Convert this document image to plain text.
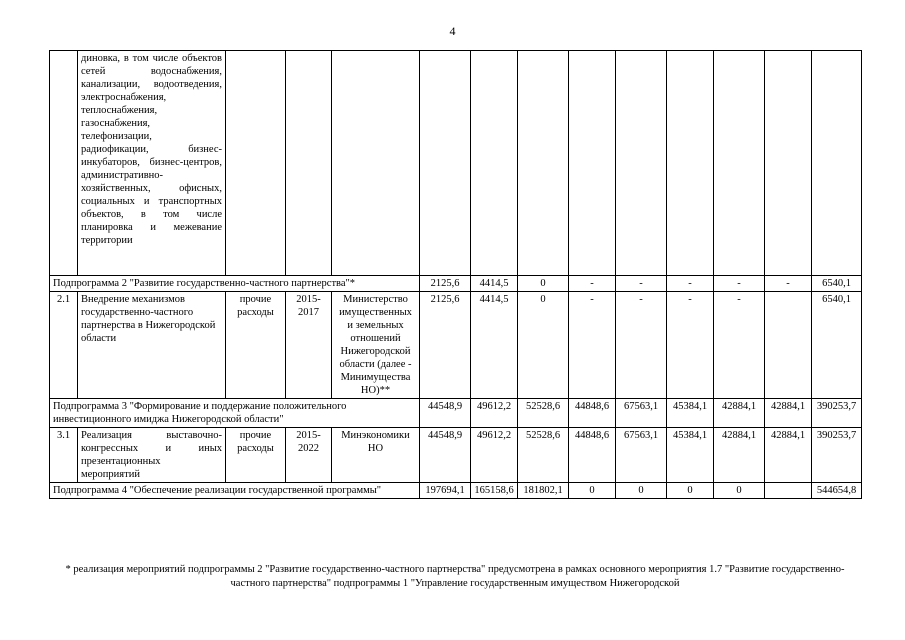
4
	диновка, в том числе объектов сетей водоснабжения, канализации, водоотведения, электроснабжения, теплоснабжения, газоснабжения, телефонизации, радиофикации, бизнес-инкубаторов, бизнес-центров, административно-хозяйственных, офисных, социальных и транспортных объектов, в том числе планировка и межевание территории												
Подпрограмма 2 "Развитие государственно-частного партнерства"*					2125,6	4414,5	0	-	-	-	-	-	6540,1
2.1	Внедрение механизмов государственно-частного партнерства в Нижегородской области	прочие расходы	2015-2017	Министерство имущественных и земельных отношений Нижегородской области (далее - Минимущества НО)**	2125,6	4414,5	0	-	-	-	-		6540,1
Подпрограмма 3 "Формирование и поддержание положительного инвестиционного имиджа Нижегородской области"					44548,9	49612,2	52528,6	44848,6	67563,1	45384,1	42884,1	42884,1	390253,7
3.1	Реализация выставочно-конгрессных и иных презентационных мероприятий	прочие расходы	2015-2022	Минэкономики НО	44548,9	49612,2	52528,6	44848,6	67563,1	45384,1	42884,1	42884,1	390253,7
Подпрограмма 4 "Обеспечение реализации государственной программы"					197694,1	165158,6	181802,1	0	0	0	0		544654,8

* реализация мероприятий подпрограммы 2 "Развитие государственно-частного партнерства" предусмотрена в рамках основного мероприятия 1.7 "Развитие государственно-частного партнерства" подпрограммы 1 "Управление государственным имуществом Нижегородской
